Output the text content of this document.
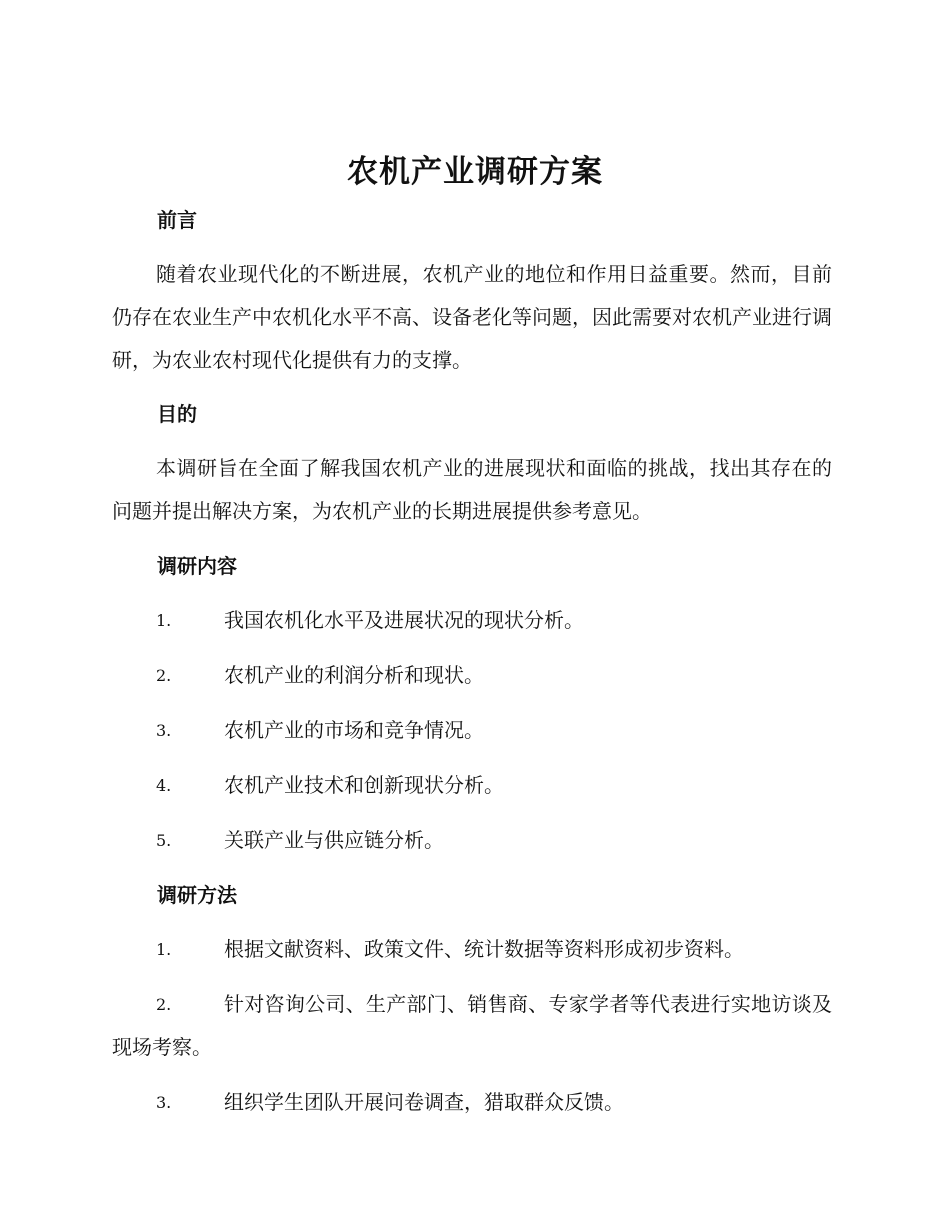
农机产业调研方案
前言
随着农业现代化的不断进展，农机产业的地位和作用日益重要。然而，目前仍存在农业生产中农机化水平不高、设备老化等问题，因此需要对农机产业进行调研，为农业农村现代化提供有力的支撑。
目的
本调研旨在全面了解我国农机产业的进展现状和面临的挑战，找出其存在的问题并提出解决方案，为农机产业的长期进展提供参考意见。
调研内容
1.	我国农机化水平及进展状况的现状分析。
2.	农机产业的利润分析和现状。
3.	农机产业的市场和竞争情况。
4.	农机产业技术和创新现状分析。
5.	关联产业与供应链分析。
调研方法
1.	根据文献资料、政策文件、统计数据等资料形成初步资料。
2.	针对咨询公司、生产部门、销售商、专家学者等代表进行实地访谈及现场考察。
3.	组织学生团队开展问卷调查，猎取群众反馈。
